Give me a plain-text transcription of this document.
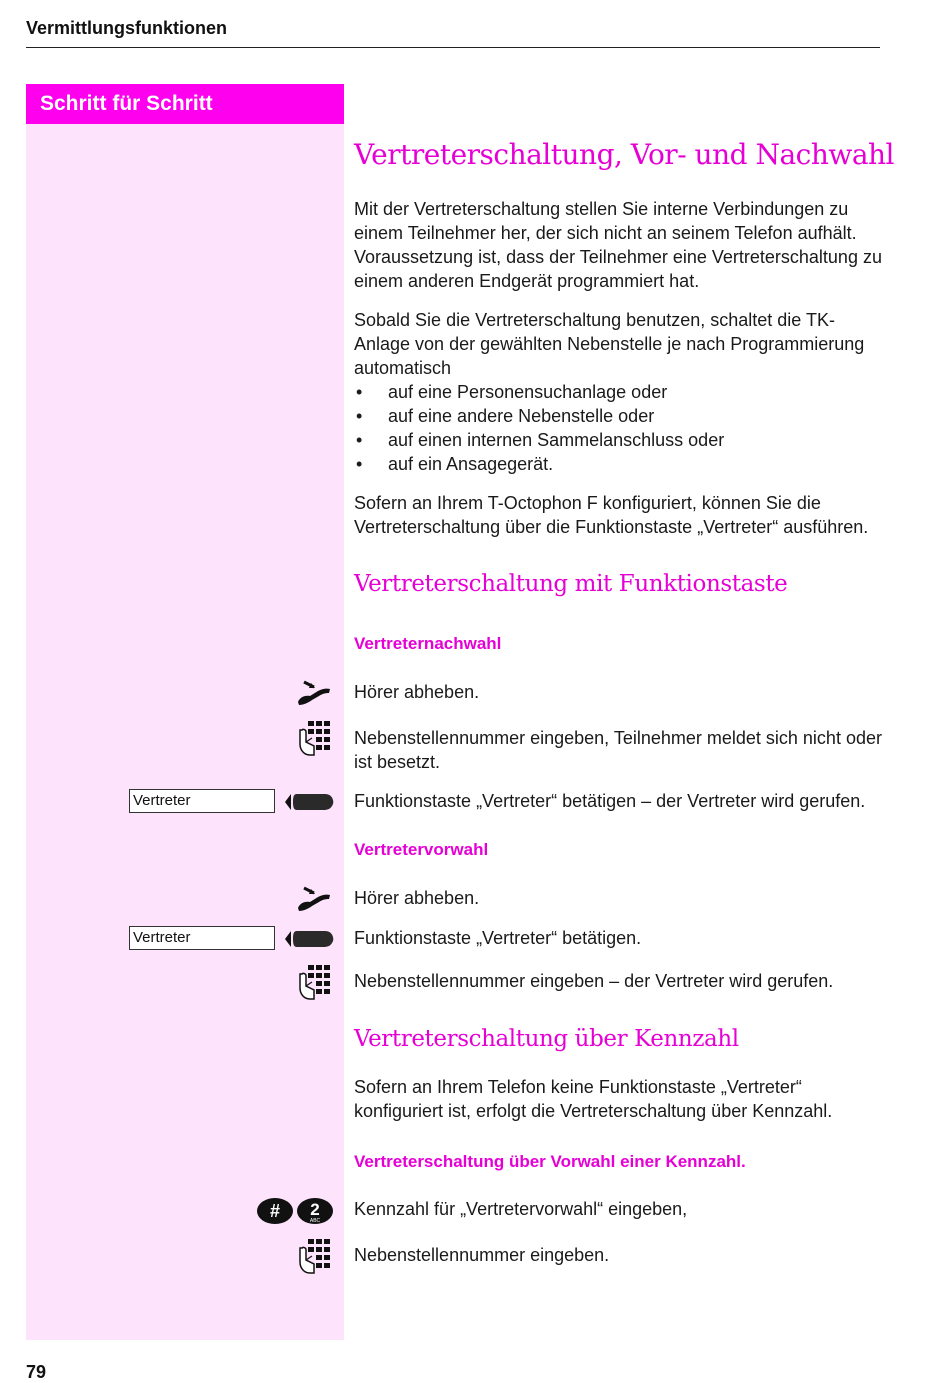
Vermittlungsfunktionen
Schritt für Schritt
Vertreterschaltung, Vor- und Nachwahl
Mit der Vertreterschaltung stellen Sie interne Verbindungen zu einem Teilnehmer her, der sich nicht an seinem Telefon aufhält. Voraussetzung ist, dass der Teilnehmer eine Vertreterschaltung zu einem anderen Endgerät programmiert hat.
Sobald Sie die Vertreterschaltung benutzen, schaltet die TK-Anlage von der gewählten Nebenstelle je nach Programmierung automatisch
• auf eine Personensuchanlage oder
• auf eine andere Nebenstelle oder
• auf einen internen Sammelanschluss oder
• auf ein Ansagegerät.
Sofern an Ihrem T-Octophon F konfiguriert, können Sie die Vertreterschaltung über die Funktionstaste „Vertreter“ ausführen.
Vertreterschaltung mit Funktionstaste
Vertreternachwahl
Hörer abheben.
Nebenstellennummer eingeben, Teilnehmer meldet sich nicht oder ist besetzt.
Vertreter	Funktionstaste „Vertreter“ betätigen – der Vertreter wird gerufen.
Vertretervorwahl
Hörer abheben.
Vertreter	Funktionstaste „Vertreter“ betätigen.
Nebenstellennummer eingeben – der Vertreter wird gerufen.
Vertreterschaltung über Kennzahl
Sofern an Ihrem Telefon keine Funktionstaste „Vertreter“ konfiguriert ist, erfolgt die Vertreterschaltung über Kennzahl.
Vertreterschaltung über Vorwahl einer Kennzahl.
# 2
ABC
Kennzahl für „Vertretervorwahl“ eingeben,
Nebenstellennummer eingeben.
79
